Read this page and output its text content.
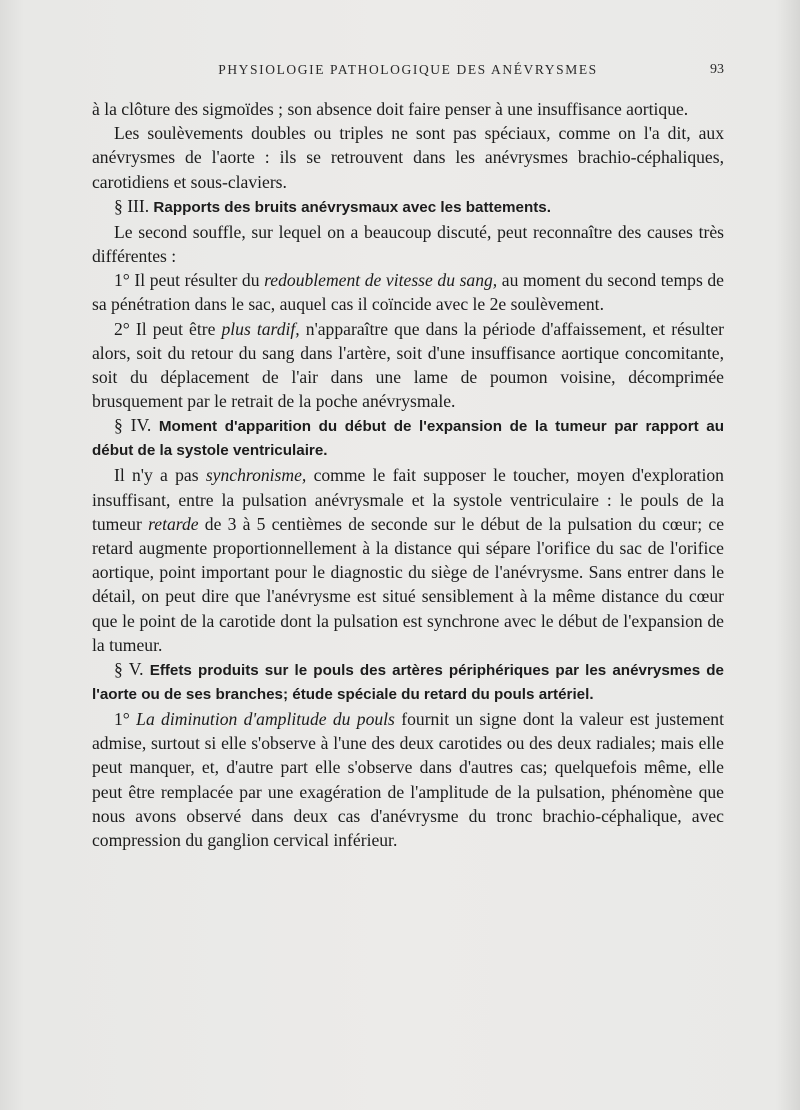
PHYSIOLOGIE PATHOLOGIQUE DES ANÉVRYSMES	93

à la clôture des sigmoïdes ; son absence doit faire penser à une insuffisance aortique.

Les soulèvements doubles ou triples ne sont pas spéciaux, comme on l'a dit, aux anévrysmes de l'aorte : ils se retrouvent dans les anévrysmes brachio-céphaliques, carotidiens et sous-claviers.

§ III. Rapports des bruits anévrysmaux avec les battements.

Le second souffle, sur lequel on a beaucoup discuté, peut reconnaître des causes très différentes :

1° Il peut résulter du redoublement de vitesse du sang, au moment du second temps de sa pénétration dans le sac, auquel cas il coïncide avec le 2e soulèvement.

2° Il peut être plus tardif, n'apparaître que dans la période d'affaissement, et résulter alors, soit du retour du sang dans l'artère, soit d'une insuffisance aortique concomitante, soit du déplacement de l'air dans une lame de poumon voisine, décomprimée brusquement par le retrait de la poche anévrysmale.

§ IV. Moment d'apparition du début de l'expansion de la tumeur par rapport au début de la systole ventriculaire.

Il n'y a pas synchronisme, comme le fait supposer le toucher, moyen d'exploration insuffisant, entre la pulsation anévrysmale et la systole ventriculaire : le pouls de la tumeur retarde de 3 à 5 centièmes de seconde sur le début de la pulsation du cœur; ce retard augmente proportionnellement à la distance qui sépare l'orifice du sac de l'orifice aortique, point important pour le diagnostic du siège de l'anévrysme. Sans entrer dans le détail, on peut dire que l'anévrysme est situé sensiblement à la même distance du cœur que le point de la carotide dont la pulsation est synchrone avec le début de l'expansion de la tumeur.

§ V. Effets produits sur le pouls des artères périphériques par les anévrysmes de l'aorte ou de ses branches; étude spéciale du retard du pouls artériel.

1° La diminution d'amplitude du pouls fournit un signe dont la valeur est justement admise, surtout si elle s'observe à l'une des deux carotides ou des deux radiales; mais elle peut manquer, et, d'autre part elle s'observe dans d'autres cas; quelquefois même, elle peut être remplacée par une exagération de l'amplitude de la pulsation, phénomène que nous avons observé dans deux cas d'anévrysme du tronc brachio-céphalique, avec compression du ganglion cervical inférieur.
